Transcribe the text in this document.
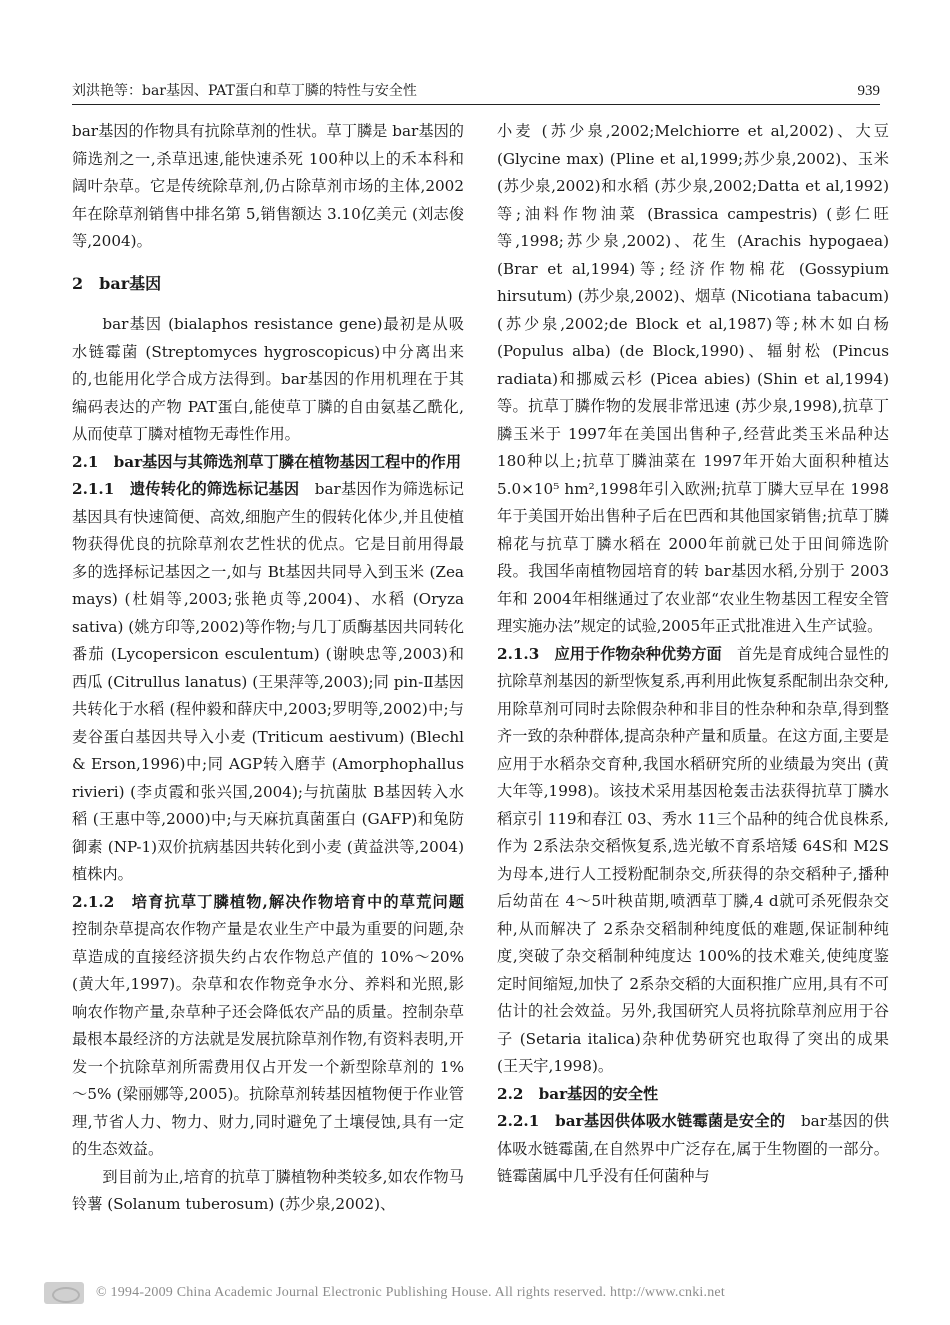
刘洪艳等：bar基因、PAT蛋白和草丁膦的特性与安全性	939

bar基因的作物具有抗除草剂的性状。草丁膦是 bar基因的筛选剂之一,杀草迅速,能快速杀死 100种以上的禾本科和阔叶杂草。它是传统除草剂,仍占除草剂市场的主体,2002年在除草剂销售中排名第 5,销售额达 3.10亿美元 (刘志俊等,2004)。

2　bar基因

bar基因 (bialaphos resistance gene)最初是从吸水链霉菌 (Streptomyces hygroscopicus)中分离出来的,也能用化学合成方法得到。bar基因的作用机理在于其编码表达的产物 PAT蛋白,能使草丁膦的自由氨基乙酰化,从而使草丁膦对植物无毒性作用。

2.1　bar基因与其筛选剂草丁膦在植物基因工程中的作用

2.1.1　遗传转化的筛选标记基因　 bar基因作为筛选标记基因具有快速简便、高效,细胞产生的假转化体少,并且使植物获得优良的抗除草剂农艺性状的优点。它是目前用得最多的选择标记基因之一,如与 Bt基因共同导入到玉米 (Zea mays) (杜娟等,2003;张艳贞等,2004)、水稻 (Oryza sativa) (姚方印等,2002)等作物;与几丁质酶基因共同转化番茄 (Lycopersicon esculentum) (谢映忠等,2003)和西瓜 (Citrullus lanatus) (王果萍等,2003);同 pin-Ⅱ基因共转化于水稻 (程仲毅和薛庆中,2003;罗明等,2002)中;与麦谷蛋白基因共导入小麦 (Triticum aestivum) (Blechl & Erson,1996)中;同 AGP转入磨芋 (Amorphophallus rivieri) (李贞霞和张兴国,2004);与抗菌肽 B基因转入水稻 (王惠中等,2000)中;与天麻抗真菌蛋白 (GAFP)和兔防御素 (NP-1)双价抗病基因共转化到小麦 (黄益洪等,2004)植株内。

2.1.2　培育抗草丁膦植物,解决作物培育中的草荒问题　控制杂草提高农作物产量是农业生产中最为重要的问题,杂草造成的直接经济损失约占农作物总产值的 10%～20% (黄大年,1997)。杂草和农作物竞争水分、养料和光照,影响农作物产量,杂草种子还会降低农产品的质量。控制杂草最根本最经济的方法就是发展抗除草剂作物,有资料表明,开发一个抗除草剂所需费用仅占开发一个新型除草剂的 1%～5% (梁丽娜等,2005)。抗除草剂转基因植物便于作业管理,节省人力、物力、财力,同时避免了土壤侵蚀,具有一定的生态效益。

到目前为止,培育的抗草丁膦植物种类较多,如农作物马铃薯 (Solanum tuberosum) (苏少泉,2002)、

小麦 (苏少泉,2002;Melchiorre et al,2002)、大豆 (Glycine max) (Pline et al,1999;苏少泉,2002)、玉米 (苏少泉,2002)和水稻 (苏少泉,2002;Datta et al,1992)等;油料作物油菜 (Brassica campestris) (彭仁旺等,1998;苏少泉,2002)、花生 (Arachis hypogaea) (Brar et al,1994)等;经济作物棉花 (Gossypium hirsutum) (苏少泉,2002)、烟草 (Nicotiana tabacum) (苏少泉,2002;de Block et al,1987)等;林木如白杨 (Populus alba) (de Block,1990)、辐射松 (Pincus radiata)和挪威云杉 (Picea abies) (Shin et al,1994)等。抗草丁膦作物的发展非常迅速 (苏少泉,1998),抗草丁膦玉米于 1997年在美国出售种子,经营此类玉米品种达 180种以上;抗草丁膦油菜在 1997年开始大面积种植达 5.0×10⁵ hm²,1998年引入欧洲;抗草丁膦大豆早在 1998年于美国开始出售种子后在巴西和其他国家销售;抗草丁膦棉花与抗草丁膦水稻在 2000年前就已处于田间筛选阶段。我国华南植物园培育的转 bar基因水稻,分别于 2003年和 2004年相继通过了农业部“农业生物基因工程安全管理实施办法”规定的试验,2005年正式批准进入生产试验。

2.1.3　应用于作物杂种优势方面　 首先是育成纯合显性的抗除草剂基因的新型恢复系,再利用此恢复系配制出杂交种,用除草剂可同时去除假杂种和非目的性杂种和杂草,得到整齐一致的杂种群体,提高杂种产量和质量。在这方面,主要是应用于水稻杂交育种,我国水稻研究所的业绩最为突出 (黄大年等,1998)。该技术采用基因枪轰击法获得抗草丁膦水稻京引 119和春江 03、秀水 11三个品种的纯合优良株系,作为 2系法杂交稻恢复系,选光敏不育系培矮 64S和 M2S为母本,进行人工授粉配制杂交,所获得的杂交稻种子,播种后幼苗在 4～5叶秧苗期,喷洒草丁膦,4 d就可杀死假杂交种,从而解决了 2系杂交稻制种纯度低的难题,保证制种纯度,突破了杂交稻制种纯度达 100%的技术难关,使纯度鉴定时间缩短,加快了 2系杂交稻的大面积推广应用,具有不可估计的社会效益。另外,我国研究人员将抗除草剂应用于谷子 (Setaria italica)杂种优势研究也取得了突出的成果 (王天宇,1998)。

2.2　bar基因的安全性

2.2.1　bar基因供体吸水链霉菌是安全的　 bar基因的供体吸水链霉菌,在自然界中广泛存在,属于生物圈的一部分。链霉菌属中几乎没有任何菌种与

© 1994-2009 China Academic Journal Electronic Publishing House. All rights reserved. http://www.cnki.net
